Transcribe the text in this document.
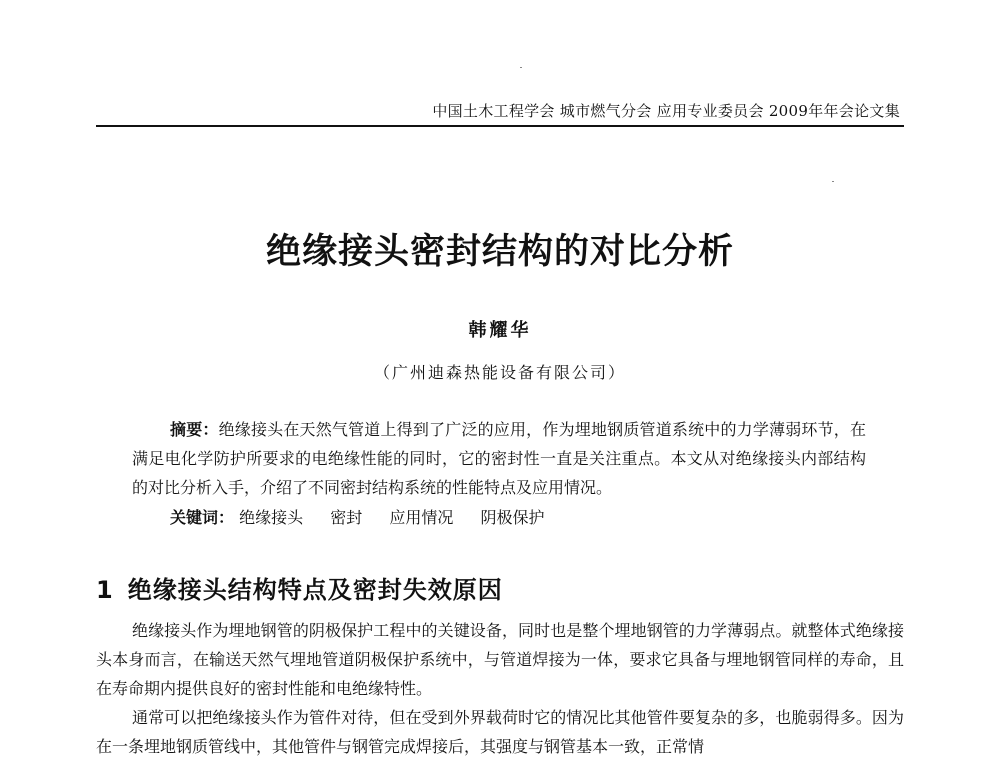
中国土木工程学会 城市燃气分会 应用专业委员会 2009年年会论文集
绝缘接头密封结构的对比分析
韩耀华
（广州迪森热能设备有限公司）
摘要：绝缘接头在天然气管道上得到了广泛的应用，作为埋地钢质管道系统中的力学薄弱环节，在满足电化学防护所要求的电绝缘性能的同时，它的密封性一直是关注重点。本文从对绝缘接头内部结构的对比分析入手，介绍了不同密封结构系统的性能特点及应用情况。
关键词： 绝缘接头 密封 应用情况 阴极保护
1 绝缘接头结构特点及密封失效原因

绝缘接头作为埋地钢管的阴极保护工程中的关键设备，同时也是整个埋地钢管的力学薄弱点。就整体式绝缘接头本身而言，在输送天然气埋地管道阴极保护系统中，与管道焊接为一体，要求它具备与埋地钢管同样的寿命，且在寿命期内提供良好的密封性能和电绝缘特性。

通常可以把绝缘接头作为管件对待，但在受到外界载荷时它的情况比其他管件要复杂的多，也脆弱得多。因为在一条埋地钢质管线中，其他管件与钢管完成焊接后，其强度与钢管基本一致，正常情
